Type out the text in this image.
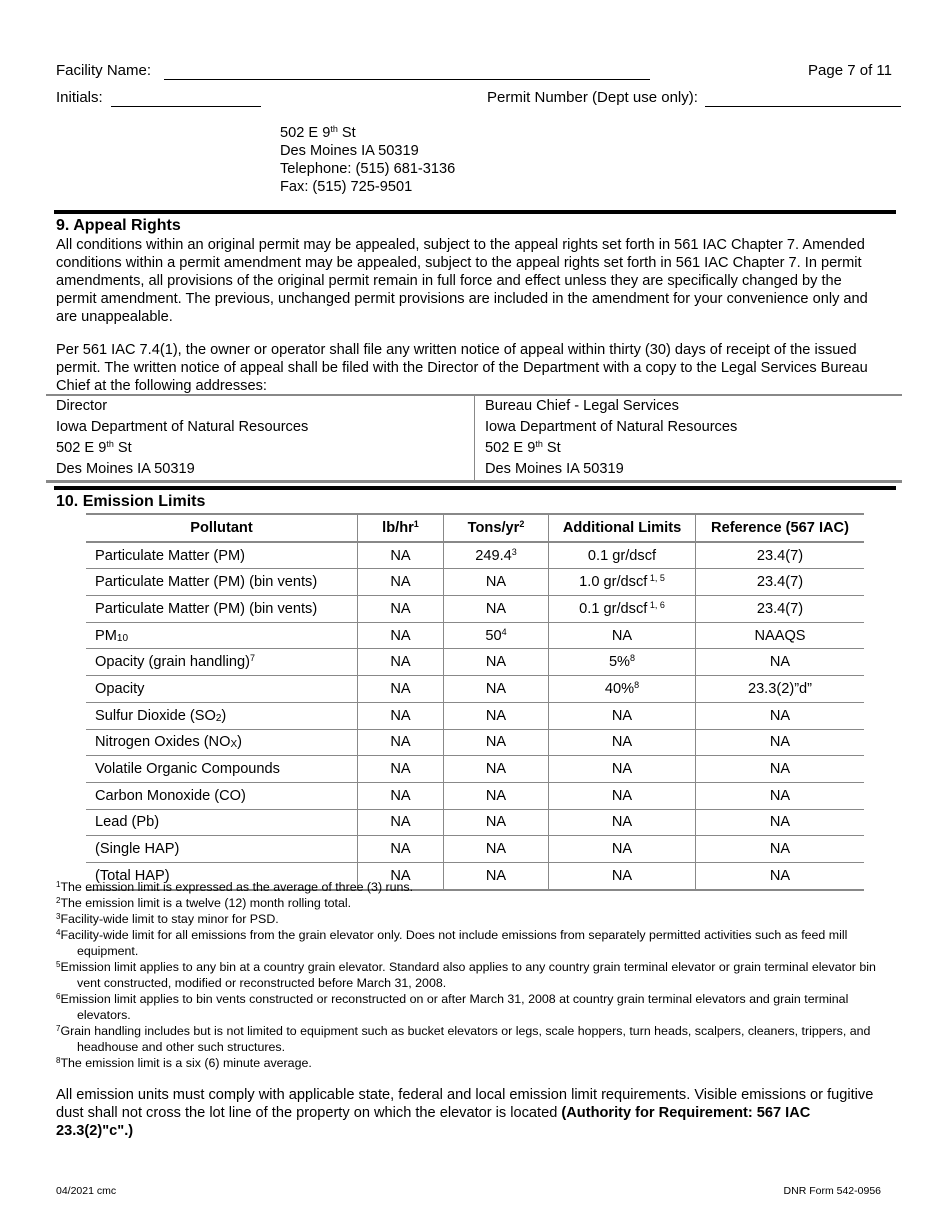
Facility Name:	Page 7 of 11
Initials:	Permit Number (Dept use only):
502 E 9th St
Des Moines IA 50319
Telephone: (515) 681-3136
Fax: (515) 725-9501
9. Appeal Rights
All conditions within an original permit may be appealed, subject to the appeal rights set forth in 561 IAC Chapter 7. Amended conditions within a permit amendment may be appealed, subject to the appeal rights set forth in 561 IAC Chapter 7. In permit amendments, all provisions of the original permit remain in full force and effect unless they are specifically changed by the permit amendment. The previous, unchanged permit provisions are included in the amendment for your convenience only and are unappealable.
Per 561 IAC 7.4(1), the owner or operator shall file any written notice of appeal within thirty (30) days of receipt of the issued permit. The written notice of appeal shall be filed with the Director of the Department with a copy to the Legal Services Bureau Chief at the following addresses:
Director	Bureau Chief - Legal Services
Iowa Department of Natural Resources	Iowa Department of Natural Resources
502 E 9th St	502 E 9th St
Des Moines IA 50319	Des Moines IA 50319
10. Emission Limits
Pollutant	$lb/hr^1$	Tons/$yr^2$	Additional Limits	Reference (567 IAC)
Particulate Matter (PM)	NA	249.4$^3$	0.1 gr/dscf	23.4(7)
Particulate Matter (PM) (bin vents)	NA	NA	1.0 gr/dscf $^{1, 5}$	23.4(7)
Particulate Matter (PM) (bin vents)	NA	NA	0.1 gr/dscf $^{1, 6}$	23.4(7)
$PM_{10}$	NA	$50^4$	NA	NAAQS
Opacity (grain handling)$^7$	NA	NA	5%$^8$	NA
Opacity	NA	NA	40%$^8$	23.3(2)”d”
Sulfur Dioxide $(SO_2)$	NA	NA	NA	NA
Nitrogen Oxides $(NO_X)$	NA	NA	NA	NA
Volatile Organic Compounds	NA	NA	NA	NA
Carbon Monoxide (CO)	NA	NA	NA	NA
Lead (Pb)	NA	NA	NA	NA
(Single HAP)	NA	NA	NA	NA
(Total HAP)	NA	NA	NA	NA
$^1$The emission limit is expressed as the average of three (3) runs.
$^2$The emission limit is a twelve (12) month rolling total.
$^3$Facility-wide limit to stay minor for PSD.
$^4$Facility-wide limit for all emissions from the grain elevator only. Does not include emissions from separately permitted activities such as feed mill equipment.
$^5$Emission limit applies to any bin at a country grain elevator. Standard also applies to any country grain terminal elevator or grain terminal elevator bin vent constructed, modified or reconstructed before March 31, 2008.
$^6$Emission limit applies to bin vents constructed or reconstructed on or after March 31, 2008 at country grain terminal elevators and grain terminal elevators.
$^7$Grain handling includes but is not limited to equipment such as bucket elevators or legs, scale hoppers, turn heads, scalpers, cleaners, trippers, and headhouse and other such structures.
$^8$The emission limit is a six (6) minute average.
All emission units must comply with applicable state, federal and local emission limit requirements. Visible emissions or fugitive dust shall not cross the lot line of the property on which the elevator is located (Authority for Requirement: 567 IAC 23.3(2)"c".)
04/2021 cmc	DNR Form 542-0956
